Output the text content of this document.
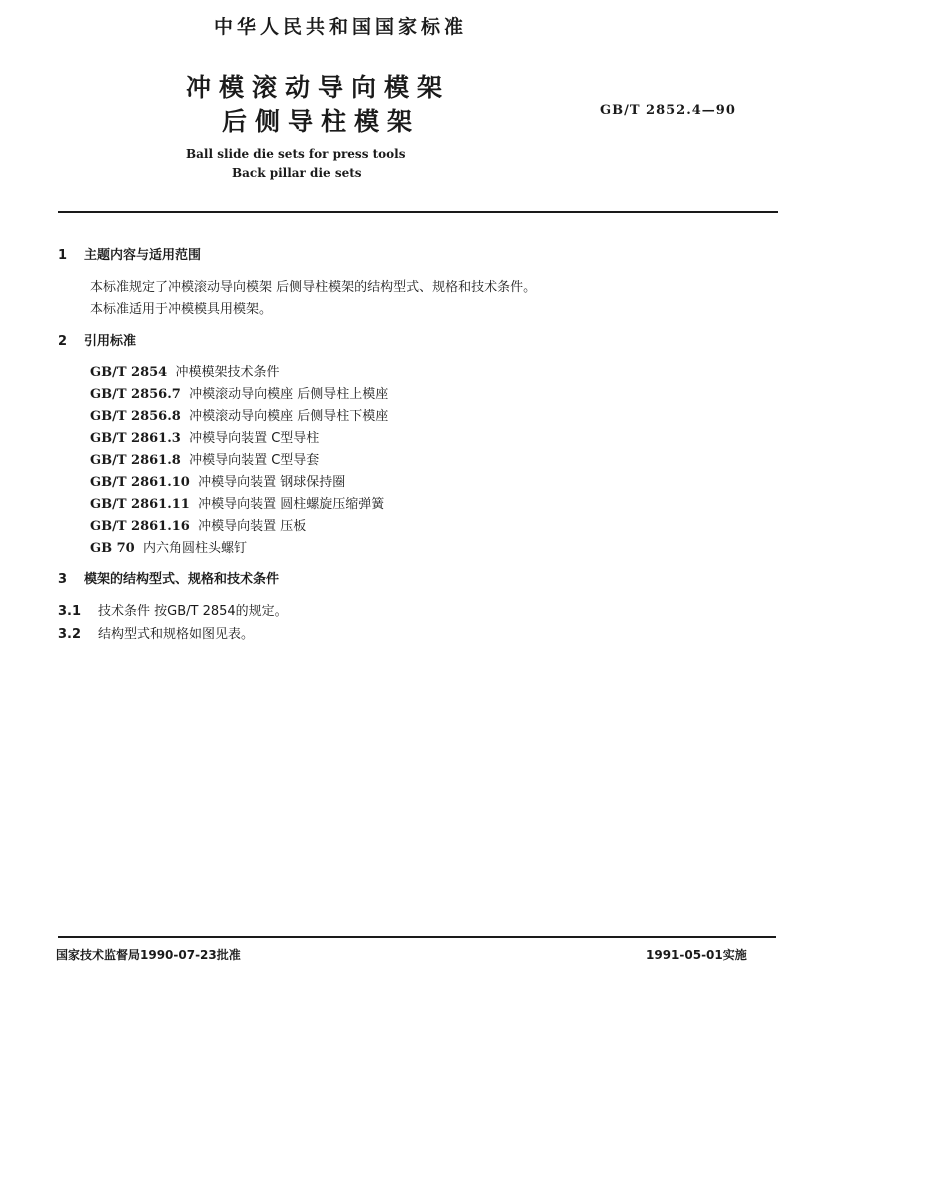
中华人民共和国国家标准
冲模滚动导向模架
后侧导柱模架	GB/T 2852.4—90
Ball slide die sets for press tools
Back pillar die sets
1 主题内容与适用范围
本标准规定了冲模滚动导向模架 后侧导柱模架的结构型式、规格和技术条件。
本标准适用于冲模模具用模架。
2 引用标准
GB/T 2854 冲模模架技术条件
GB/T 2856.7 冲模滚动导向模座 后侧导柱上模座
GB/T 2856.8 冲模滚动导向模座 后侧导柱下模座
GB/T 2861.3 冲模导向装置 C型导柱
GB/T 2861.8 冲模导向装置 C型导套
GB/T 2861.10 冲模导向装置 钢球保持圈
GB/T 2861.11 冲模导向装置 圆柱螺旋压缩弹簧
GB/T 2861.16 冲模导向装置 压板
GB 70 内六角圆柱头螺钉
3 模架的结构型式、规格和技术条件
3.1 技术条件 按GB/T 2854的规定。
3.2 结构型式和规格如图见表。
国家技术监督局1990-07-23批准	1991-05-01实施
